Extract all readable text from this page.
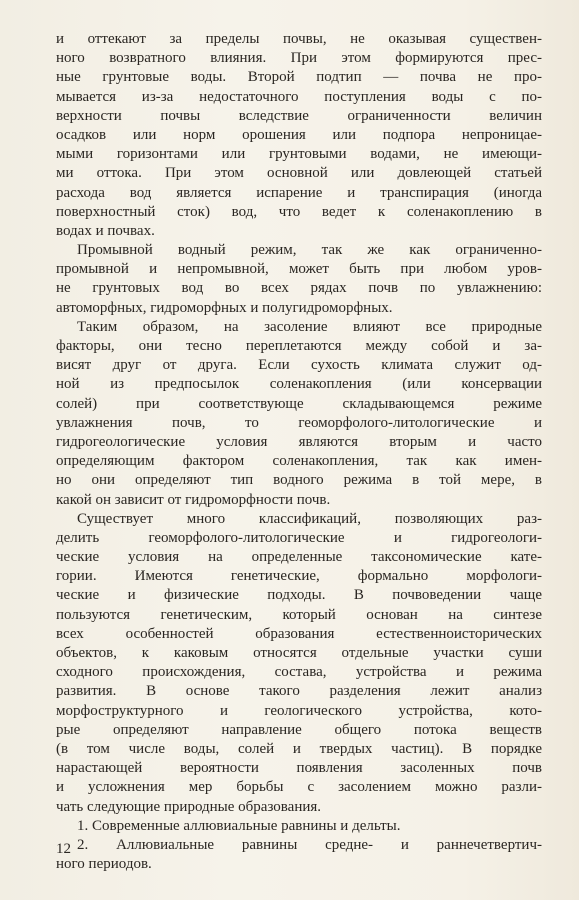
и оттекают за пределы почвы, не оказывая существен-
ного возвратного влияния. При этом формируются прес-
ные грунтовые воды. Второй подтип — почва не про-
мывается из-за недостаточного поступления воды с по-
верхности почвы вследствие ограниченности величин
осадков или норм орошения или подпора непроницае-
мыми горизонтами или грунтовыми водами, не имеющи-
ми оттока. При этом основной или довлеющей статьей
расхода вод является испарение и транспирация (иногда
поверхностный сток) вод, что ведет к соленакоплению в
водах и почвах.
Промывной водный режим, так же как ограниченно-
промывной и непромывной, может быть при любом уров-
не грунтовых вод во всех рядах почв по увлажнению:
автоморфных, гидроморфных и полугидроморфных.
Таким образом, на засоление влияют все природные
факторы, они тесно переплетаются между собой и за-
висят друг от друга. Если сухость климата служит од-
ной из предпосылок соленакопления (или консервации
солей) при соответствующе складывающемся режиме
увлажнения почв, то геоморфолого-литологические и
гидрогеологические условия являются вторым и часто
определяющим фактором соленакопления, так как имен-
но они определяют тип водного режима в той мере, в
какой он зависит от гидроморфности почв.
Существует много классификаций, позволяющих раз-
делить геоморфолого-литологические и гидрогеологи-
ческие условия на определенные таксономические кате-
гории. Имеются генетические, формально морфологи-
ческие и физические подходы. В почвоведении чаще
пользуются генетическим, который основан на синтезе
всех особенностей образования естественноисторических
объектов, к каковым относятся отдельные участки суши
сходного происхождения, состава, устройства и режима
развития. В основе такого разделения лежит анализ
морфоструктурного и геологического устройства, кото-
рые определяют направление общего потока веществ
(в том числе воды, солей и твердых частиц). В порядке
нарастающей вероятности появления засоленных почв
и усложнения мер борьбы с засолением можно разли-
чать следующие природные образования.
1. Современные аллювиальные равнины и дельты.
2. Аллювиальные равнины средне- и раннечетвертич-
ного периодов.
12
